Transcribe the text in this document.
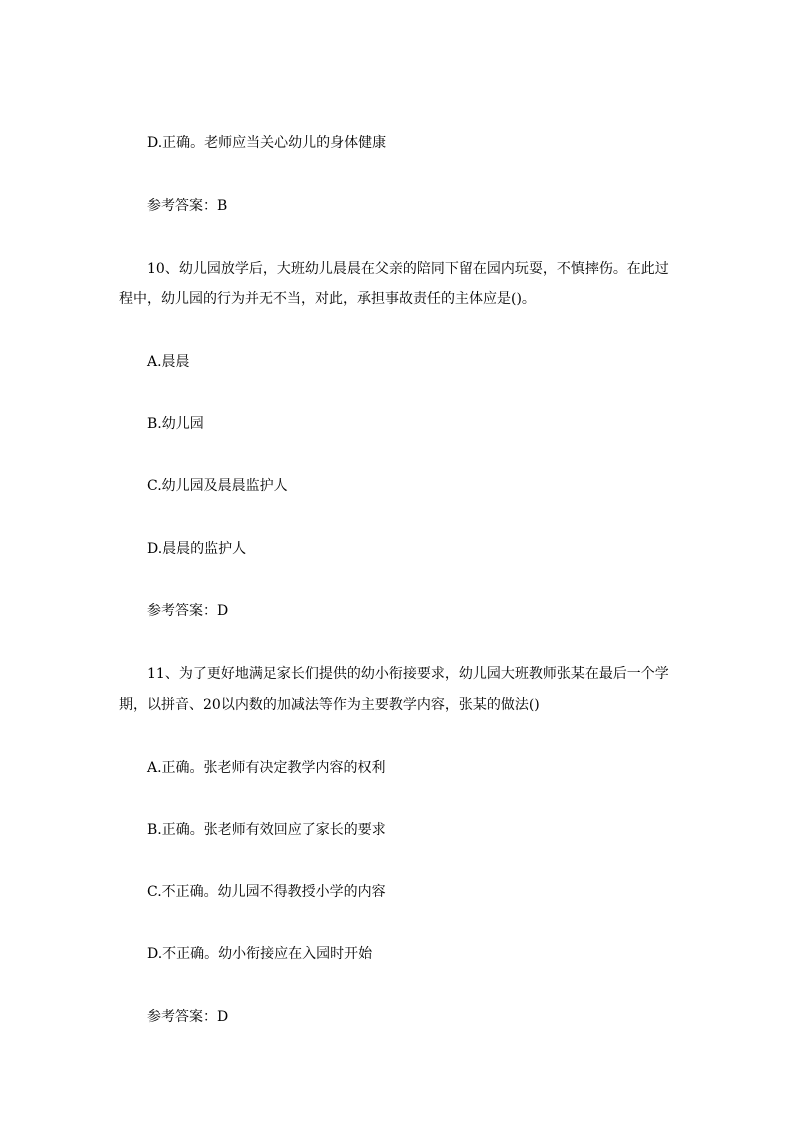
D.正确。老师应当关心幼儿的身体健康
参考答案：B
10、幼儿园放学后，大班幼儿晨晨在父亲的陪同下留在园内玩耍，不慎摔伤。在此过
程中，幼儿园的行为并无不当，对此，承担事故责任的主体应是()。
A.晨晨
B.幼儿园
C.幼儿园及晨晨监护人
D.晨晨的监护人
参考答案：D
11、为了更好地满足家长们提供的幼小衔接要求，幼儿园大班教师张某在最后一个学
期，以拼音、20以内数的加减法等作为主要教学内容，张某的做法()
A.正确。张老师有决定教学内容的权利
B.正确。张老师有效回应了家长的要求
C.不正确。幼儿园不得教授小学的内容
D.不正确。幼小衔接应在入园时开始
参考答案：D
